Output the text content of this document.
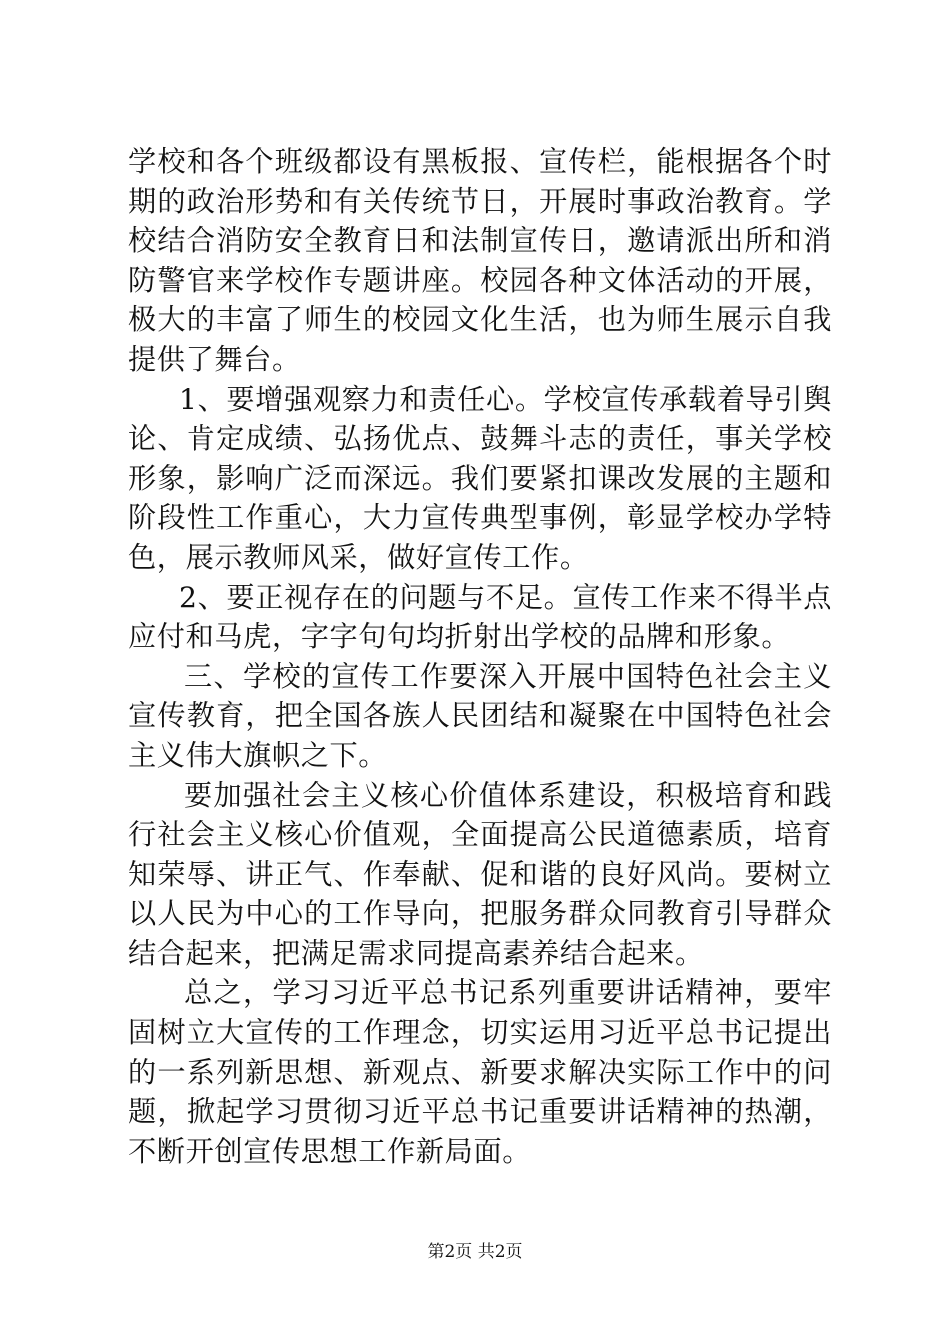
学校和各个班级都设有黑板报、宣传栏，能根据各个时期的政治形势和有关传统节日，开展时事政治教育。学校结合消防安全教育日和法制宣传日，邀请派出所和消防警官来学校作专题讲座。校园各种文体活动的开展，极大的丰富了师生的校园文化生活，也为师生展示自我提供了舞台。

1、要增强观察力和责任心。学校宣传承载着导引舆论、肯定成绩、弘扬优点、鼓舞斗志的责任，事关学校形象，影响广泛而深远。我们要紧扣课改发展的主题和阶段性工作重心，大力宣传典型事例，彰显学校办学特色，展示教师风采，做好宣传工作。

2、要正视存在的问题与不足。宣传工作来不得半点应付和马虎，字字句句均折射出学校的品牌和形象。

三、学校的宣传工作要深入开展中国特色社会主义宣传教育，把全国各族人民团结和凝聚在中国特色社会主义伟大旗帜之下。

要加强社会主义核心价值体系建设，积极培育和践行社会主义核心价值观，全面提高公民道德素质，培育知荣辱、讲正气、作奉献、促和谐的良好风尚。要树立以人民为中心的工作导向，把服务群众同教育引导群众结合起来，把满足需求同提高素养结合起来。

总之，学习习近平总书记系列重要讲话精神，要牢固树立大宣传的工作理念，切实运用习近平总书记提出的一系列新思想、新观点、新要求解决实际工作中的问题，掀起学习贯彻习近平总书记重要讲话精神的热潮，不断开创宣传思想工作新局面。

第2页 共2页
